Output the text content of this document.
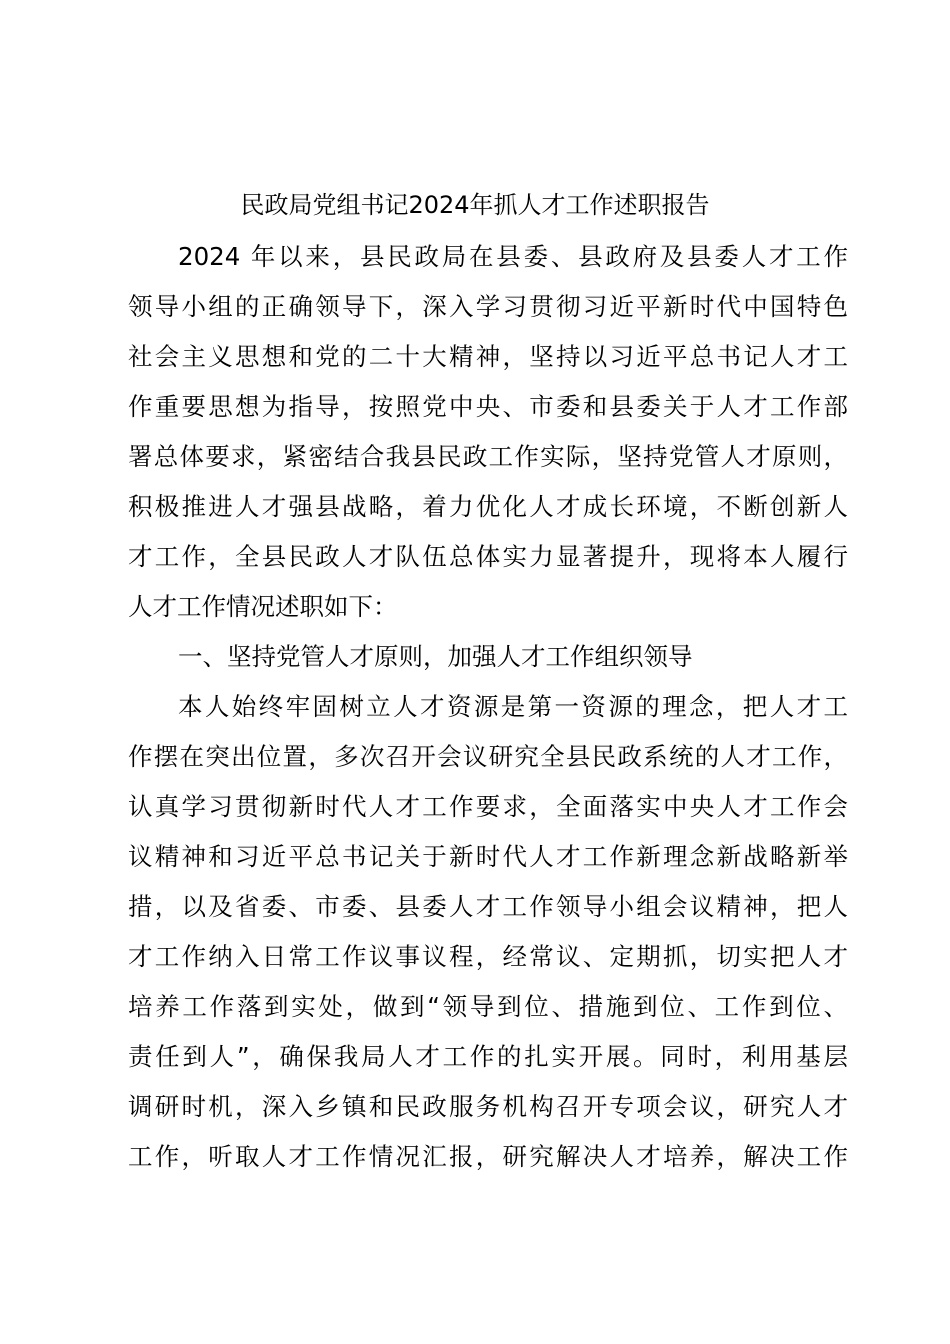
民政局党组书记2024年抓人才工作述职报告
2024 年以来，县民政局在县委、县政府及县委人才工作
领导小组的正确领导下，深入学习贯彻习近平新时代中国特色
社会主义思想和党的二十大精神，坚持以习近平总书记人才工
作重要思想为指导，按照党中央、市委和县委关于人才工作部
署总体要求，紧密结合我县民政工作实际，坚持党管人才原则，
积极推进人才强县战略，着力优化人才成长环境，不断创新人
才工作，全县民政人才队伍总体实力显著提升，现将本人履行
人才工作情况述职如下：
一、坚持党管人才原则，加强人才工作组织领导
本人始终牢固树立人才资源是第一资源的理念，把人才工
作摆在突出位置，多次召开会议研究全县民政系统的人才工作，
认真学习贯彻新时代人才工作要求，全面落实中央人才工作会
议精神和习近平总书记关于新时代人才工作新理念新战略新举
措，以及省委、市委、县委人才工作领导小组会议精神，把人
才工作纳入日常工作议事议程，经常议、定期抓，切实把人才
培养工作落到实处，做到“领导到位、措施到位、工作到位、
责任到人”，确保我局人才工作的扎实开展。同时，利用基层
调研时机，深入乡镇和民政服务机构召开专项会议，研究人才
工作，听取人才工作情况汇报，研究解决人才培养，解决工作
